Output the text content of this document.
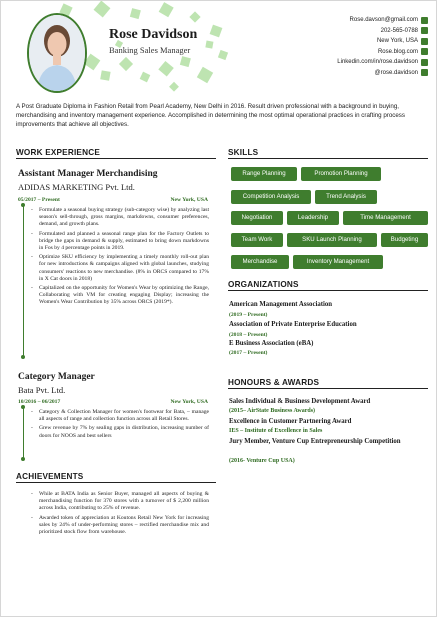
Rose Davidson
Banking Sales Manager
Rose.davson@gmail.com
202-565-0788
New York, USA
Rose.blog.com
Linkedin.com/in/rose.davidson
@rose.davidson
A Post Graduate Diploma in Fashion Retail from Pearl Academy, New Delhi in 2016. Result driven professional with a background in buying, merchandising and inventory management experience. Accomplished in determining the most optimal operational practices in crafting process improvements that achieve all objectives.
WORK EXPERIENCE
Assistant Manager Merchandising
ADIDAS MARKETING Pvt. Ltd.
05/2017 – Present	New York, USA
- Formulate a seasonal buying strategy (sub-category wise) by analyzing last season's sell-through, gross margins, markdowns, consumer preferences, demand, and growth plans.
- Formulated and planned a seasonal range plan for the Factory Outlets to bridge the gaps in demand & supply, estimated to bring down markdowns in Fos by 4 percentage points in 2019.
- Optimize SKU efficiency by implementing a timely monthly roll-out plan for new introductions & campaigns aligned with global launches, studying consumers' reactions to new merchandise. (8% in ORCS compared to 17% in X Cat doors in 2018)
- Capitalized on the opportunity for Women's Wear by optimizing the Range, Collaborating with VM for creating engaging Display; increasing the Women's Wear Contribution by 35% across ORCS (2019*).
Category Manager
Bata Pvt. Ltd.
10/2016 – 06/2017	New York, USA
- Category & Collection Manager for women's footwear for Bata, – manage all aspects of range and collection function across all Retail Stores.
- Grew revenue by 7% by sealing gaps in distribution, increasing number of doors for NOOS and best sellers
ACHIEVEMENTS
- While at BATA India as Senior Buyer, managed all aspects of buying & merchandising function for 370 stores with a turnover of $ 2,200 million across India, contributing to 25% of revenue.
- Awarded token of appreciation at Koutons Retail New York for increasing sales by 24% of under-performing stores – rectified merchandise mix and prioritized stock flow from warehouse.
SKILLS
Range Planning	Promotion Planning
Competition Analysis	Trend Analysis
Negotiation	Leadership	Time Management
Team Work	SKU Launch Planning	Budgeting
Merchandise	Inventory Management
ORGANIZATIONS
American Management Association
(2019 – Present)
Association of Private Enterprise Education
(2018 – Present)
E Business Association (eBA)
(2017 – Present)
HONOURS & AWARDS
Sales Individual & Business Development Award
(2015– AirState Business Awards)
Excellence in Customer Partnering Award
IES – Institute of Excellence in Sales
Jury Member, Venture Cup Entrepreneurship Competition
(2016- Venture Cup USA)
